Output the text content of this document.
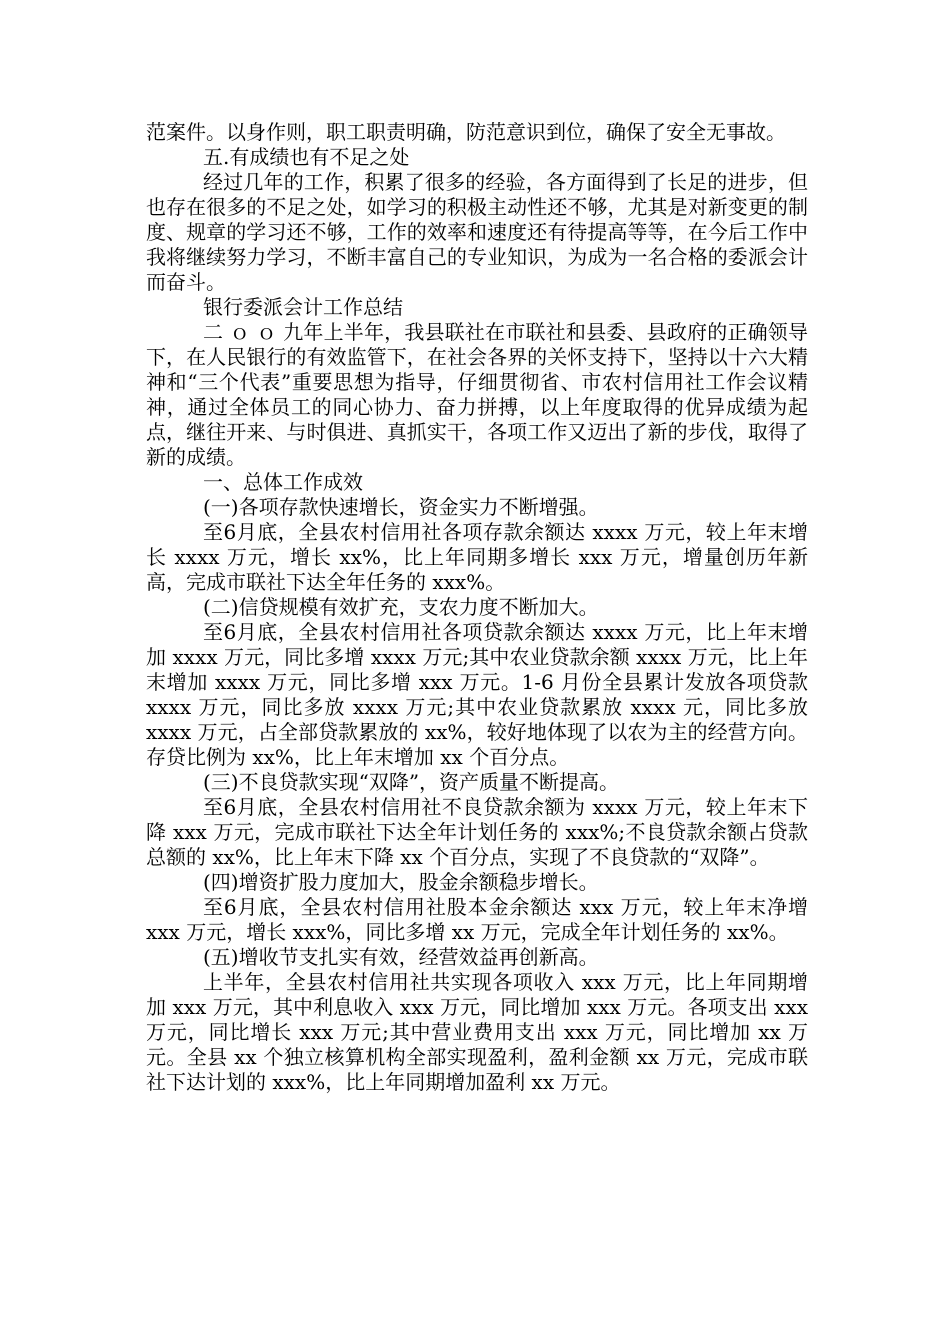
范案件。以身作则，职工职责明确，防范意识到位，确保了安全无事故。

五.有成绩也有不足之处

经过几年的工作，积累了很多的经验，各方面得到了长足的进步，但也存在很多的不足之处，如学习的积极主动性还不够，尤其是对新变更的制度、规章的学习还不够，工作的效率和速度还有待提高等等，在今后工作中我将继续努力学习，不断丰富自己的专业知识，为成为一名合格的委派会计而奋斗。

银行委派会计工作总结

二 ｏ ｏ 九年上半年，我县联社在市联社和县委、县政府的正确领导下，在人民银行的有效监管下，在社会各界的关怀支持下，坚持以十六大精神和“三个代表”重要思想为指导，仔细贯彻省、市农村信用社工作会议精神，通过全体员工的同心协力、奋力拼搏，以上年度取得的优异成绩为起点，继往开来、与时俱进、真抓实干，各项工作又迈出了新的步伐，取得了新的成绩。

一、总体工作成效

(一)各项存款快速增长，资金实力不断增强。

至6月底，全县农村信用社各项存款余额达 xxxx 万元，较上年末增长 xxxx 万元，增长 xx%，比上年同期多增长 xxx 万元，增量创历年新高，完成市联社下达全年任务的 xxx%。

(二)信贷规模有效扩充，支农力度不断加大。

至6月底，全县农村信用社各项贷款余额达 xxxx 万元，比上年末增加 xxxx 万元，同比多增 xxxx 万元;其中农业贷款余额 xxxx 万元，比上年末增加 xxxx 万元，同比多增 xxx 万元。1-6 月份全县累计发放各项贷款 xxxx 万元，同比多放 xxxx 万元;其中农业贷款累放 xxxx 元，同比多放 xxxx 万元，占全部贷款累放的 xx%，较好地体现了以农为主的经营方向。存贷比例为 xx%，比上年末增加 xx 个百分点。

(三)不良贷款实现“双降”，资产质量不断提高。

至6月底，全县农村信用社不良贷款余额为 xxxx 万元，较上年末下降 xxx 万元，完成市联社下达全年计划任务的 xxx%;不良贷款余额占贷款总额的 xx%，比上年末下降 xx 个百分点，实现了不良贷款的“双降”。

(四)增资扩股力度加大，股金余额稳步增长。

至6月底，全县农村信用社股本金余额达 xxx 万元，较上年末净增 xxx 万元，增长 xxx%，同比多增 xx 万元，完成全年计划任务的 xx%。

(五)增收节支扎实有效，经营效益再创新高。

上半年，全县农村信用社共实现各项收入 xxx 万元，比上年同期增加 xxx 万元，其中利息收入 xxx 万元，同比增加 xxx 万元。各项支出 xxx 万元，同比增长 xxx 万元;其中营业费用支出 xxx 万元，同比增加 xx 万元。全县 xx 个独立核算机构全部实现盈利，盈利金额 xx 万元，完成市联社下达计划的 xxx%，比上年同期增加盈利 xx 万元。
